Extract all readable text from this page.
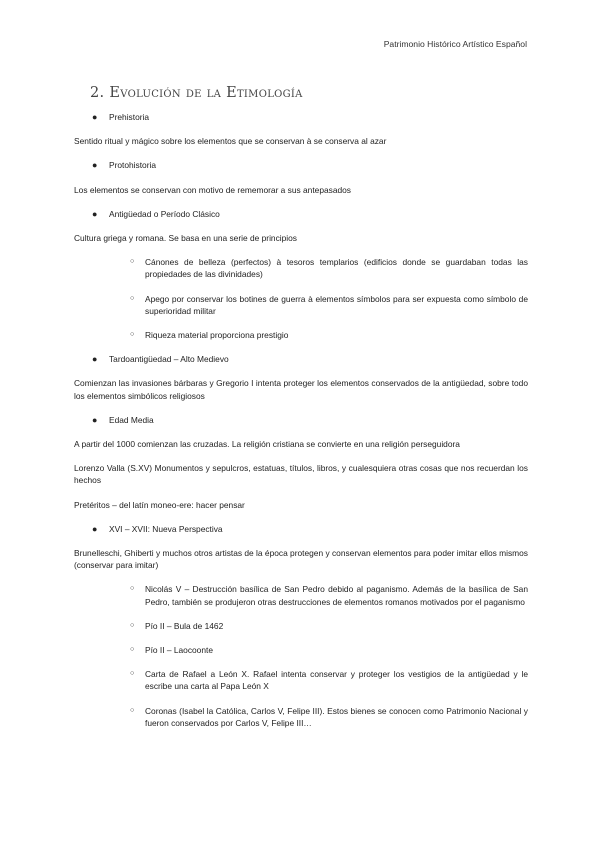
Patrimonio Histórico Artístico Español
2. Evolución de la Etimología
● Prehistoria

Sentido ritual y mágico sobre los elementos que se conservan à se conserva al azar

● Protohistoria

Los elementos se conservan con motivo de rememorar a sus antepasados

● Antigüedad o Período Clásico

Cultura griega y romana. Se basa en una serie de principios

○ Cánones de belleza (perfectos) à tesoros templarios (edificios donde se guardaban todas las propiedades de las divinidades)
○ Apego por conservar los botines de guerra à elementos símbolos para ser expuesta como símbolo de superioridad militar
○ Riqueza material proporciona prestigio
● Tardoantigüedad – Alto Medievo

Comienzan las invasiones bárbaras y Gregorio I intenta proteger los elementos conservados de la antigüedad, sobre todo los elementos simbólicos religiosos

● Edad Media

A partir del 1000 comienzan las cruzadas. La religión cristiana se convierte en una religión perseguidora

Lorenzo Valla (S.XV) Monumentos y sepulcros, estatuas, títulos, libros, y cualesquiera otras cosas que nos recuerdan los hechos

Pretéritos – del latín moneo-ere: hacer pensar

● XVI – XVII: Nueva Perspectiva

Brunelleschi, Ghiberti y muchos otros artistas de la época protegen y conservan elementos para poder imitar ellos mismos (conservar para imitar)

○ Nicolás V – Destrucción basílica de San Pedro debido al paganismo. Además de la basílica de San Pedro, también se produjeron otras destrucciones de elementos romanos motivados por el paganismo
○ Pío II – Bula de 1462
○ Pío II – Laocoonte
○ Carta de Rafael a León X. Rafael intenta conservar y proteger los vestigios de la antigüedad y le escribe una carta al Papa León X
○ Coronas (Isabel la Católica, Carlos V, Felipe III). Estos bienes se conocen como Patrimonio Nacional y fueron conservados por Carlos V, Felipe III…
